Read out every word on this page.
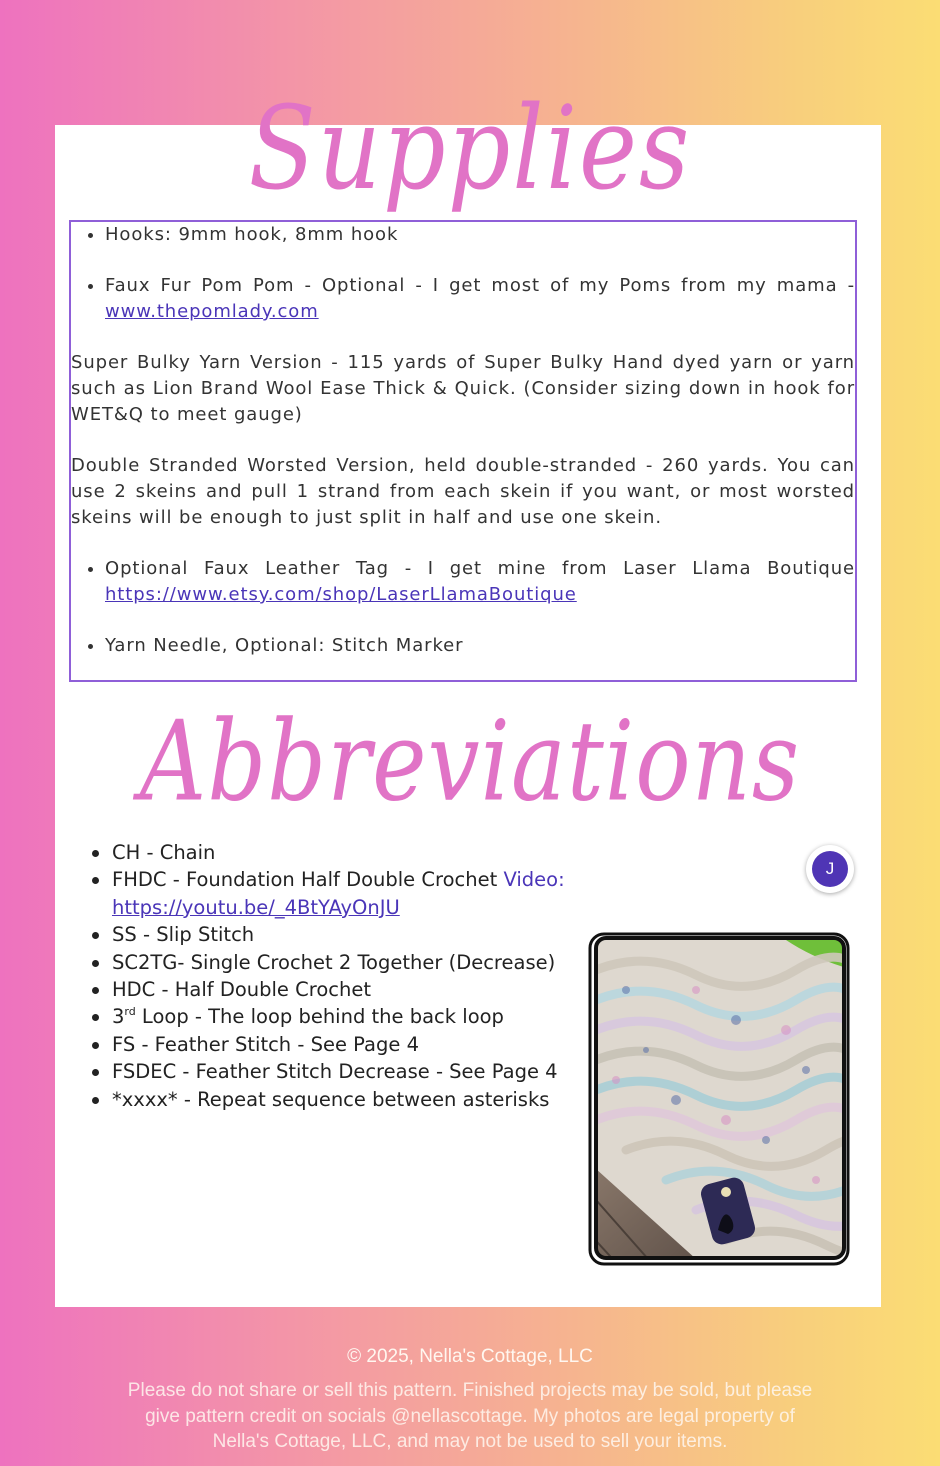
Supplies
• Hooks: 9mm hook, 8mm hook
• Faux Fur Pom Pom - Optional - I get most of my Poms from my mama - www.thepomlady.com

Super Bulky Yarn Version - 115 yards of Super Bulky Hand dyed yarn or yarn such as Lion Brand Wool Ease Thick & Quick. (Consider sizing down in hook for WET&Q to meet gauge)

Double Stranded Worsted Version, held double-stranded - 260 yards. You can use 2 skeins and pull 1 strand from each skein if you want, or most worsted skeins will be enough to just split in half and use one skein.

• Optional Faux Leather Tag - I get mine from Laser Llama Boutique https://www.etsy.com/shop/LaserLlamaBoutique
• Yarn Needle, Optional: Stitch Marker
Abbreviations
CH - Chain
FHDC - Foundation Half Double Crochet Video:
https://youtu.be/_4BtYAyOnJU
SS - Slip Stitch
SC2TG- Single Crochet 2 Together (Decrease)
HDC - Half Double Crochet
3rd Loop - The loop behind the back loop
FS - Feather Stitch - See Page 4
FSDEC - Feather Stitch Decrease - See Page 4
*xxxx* - Repeat sequence between asterisks
J
© 2025, Nella's Cottage, LLC
Please do not share or sell this pattern. Finished projects may be sold, but please give pattern credit on socials @nellascottage. My photos are legal property of Nella's Cottage, LLC, and may not be used to sell your items.
